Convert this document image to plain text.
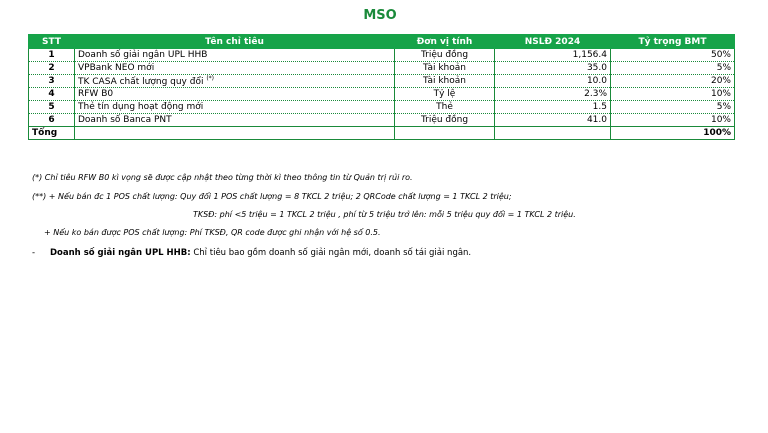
MSO
STT	Tên chỉ tiêu	Đơn vị tính	NSLĐ 2024	Tỷ trọng BMT
1	Doanh số giải ngân UPL HHB	Triệu đồng	1,156.4	50%
2	VPBank NEO mới	Tài khoản	35.0	5%
3	TK CASA chất lượng quy đổi (*)	Tài khoản	10.0	20%
4	RFW B0	Tỷ lệ	2.3%	10%
5	Thẻ tín dụng hoạt động mới	Thẻ	1.5	5%
6	Doanh số Banca PNT	Triệu đồng	41.0	10%
Tổng				100%
(*) Chỉ tiêu RFW B0 kì vọng sẽ được cập nhật theo từng thời kì theo thông tin từ Quản trị rủi ro.
(**) + Nếu bán đc 1 POS chất lượng: Quy đổi 1 POS chất lượng = 8 TKCL 2 triệu; 2 QRCode chất lượng = 1 TKCL 2 triệu;
TKSĐ: phí <5 triệu = 1 TKCL 2 triệu , phí từ 5 triệu trở lên: mỗi 5 triệu quy đổi = 1 TKCL 2 triệu.
+ Nếu ko bán được POS chất lượng: Phí TKSĐ, QR code được ghi nhận với hệ số 0.5.
- Doanh số giải ngân UPL HHB: Chỉ tiêu bao gồm doanh số giải ngân mới, doanh số tái giải ngân.
